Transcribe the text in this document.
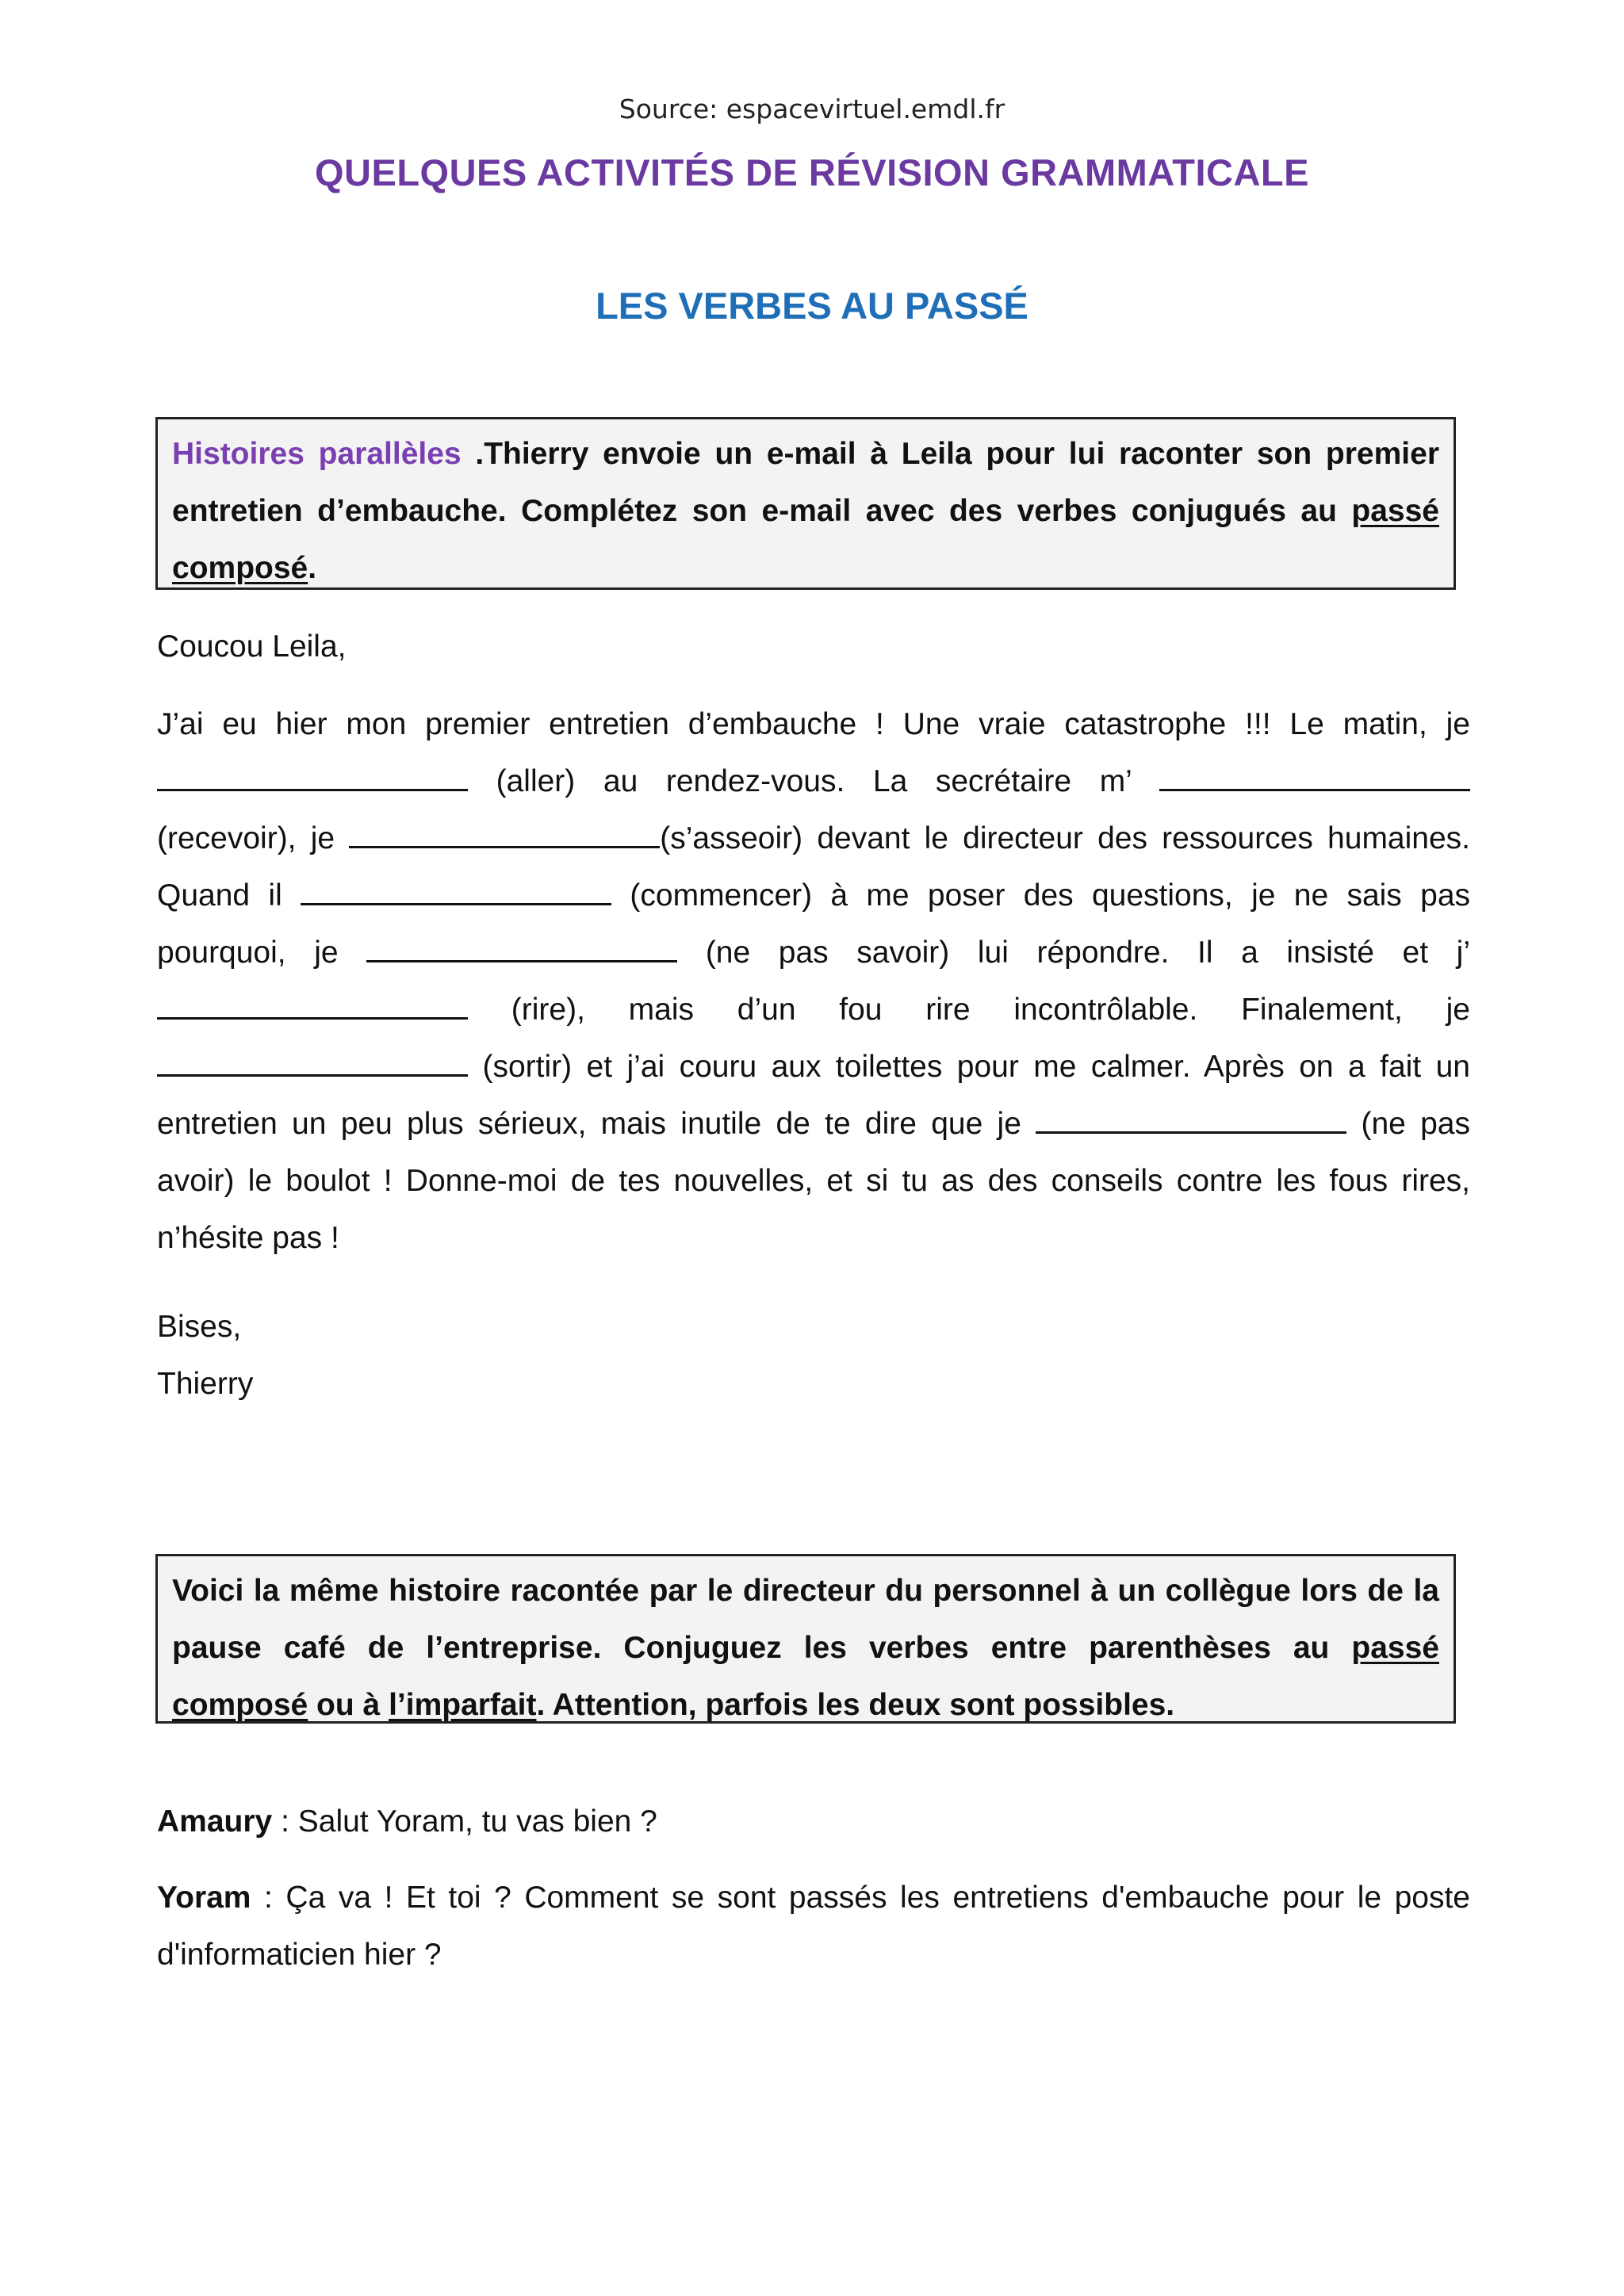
Source: espacevirtuel.emdl.fr
QUELQUES ACTIVITÉS DE RÉVISION GRAMMATICALE
LES VERBES AU PASSÉ
Histoires parallèles .Thierry envoie un e-mail à Leila pour lui raconter son premier entretien d’embauche. Complétez son e-mail avec des verbes conjugués au passé composé.
Coucou Leila,
J’ai eu hier mon premier entretien d’embauche ! Une vraie catastrophe !!! Le matin, je  (aller) au rendez-vous. La secrétaire m’  (recevoir), je	(s’asseoir) devant le directeur des ressources humaines. Quand il	(commencer) à me poser des questions, je ne sais pas pourquoi, je	(ne pas savoir) lui répondre. Il a insisté et j’ (rire), mais d’un fou rire incontrôlable. Finalement, je  (sortir) et j’ai couru aux toilettes pour me calmer. Après on a fait un entretien un peu plus sérieux, mais inutile de te dire que je	(ne pas avoir) le boulot ! Donne-moi de tes nouvelles, et si tu as des conseils contre les fous rires, n’hésite pas !
Bises,
Thierry
Voici la même histoire racontée par le directeur du personnel à un collègue lors de la pause café de l’entreprise. Conjuguez les verbes entre parenthèses au passé composé ou à l’imparfait. Attention, parfois les deux sont possibles.

Amaury : Salut Yoram, tu vas bien ?

Yoram : Ça va ! Et toi ? Comment se sont passés les entretiens d'embauche pour le poste d'informaticien hier ?
